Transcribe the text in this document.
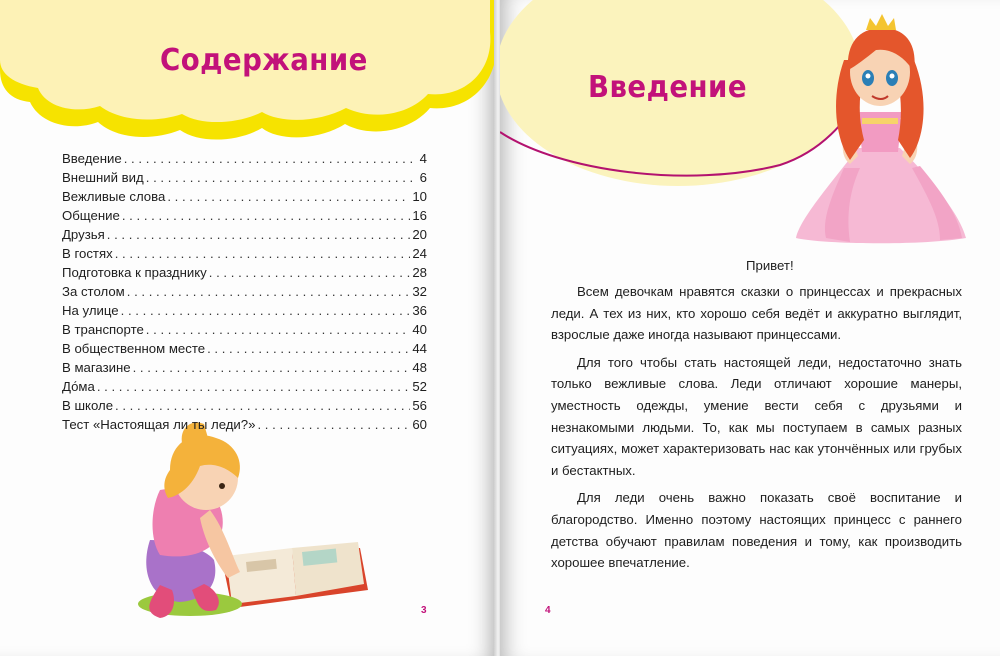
Содержание
Введение . . .	4
Внешний вид . . .	6
Вежливые слова . . .	10
Общение . . .	16
Друзья . . .	20
В гостях . . .	24
Подготовка к празднику . . .	28
За столом . . .	32
На улице . . .	36
В транспорте . . .	40
В общественном месте . . .	44
В магазине . . .	48
До́ма . . .	52
В школе . . .	56
Тест «Настоящая ли ты леди?» . . .	60
3
Введение
4
Привет!

Всем девочкам нравятся сказки о принцессах и прекрасных леди. А тех из них, кто хорошо себя ведёт и аккуратно выглядит, взрослые даже иногда называют принцессами.

Для того чтобы стать настоящей леди, недостаточно знать только вежливые слова. Леди отличают хорошие манеры, уместность одежды, умение вести себя с друзьями и незнакомыми людьми. То, как мы поступаем в самых разных ситуациях, может характеризовать нас как утончённых или грубых и бестактных.

Для леди очень важно показать своё воспитание и благородство. Именно поэтому настоящих принцесс с раннего детства обучают правилам поведения и тому, как производить хорошее впечатление.
